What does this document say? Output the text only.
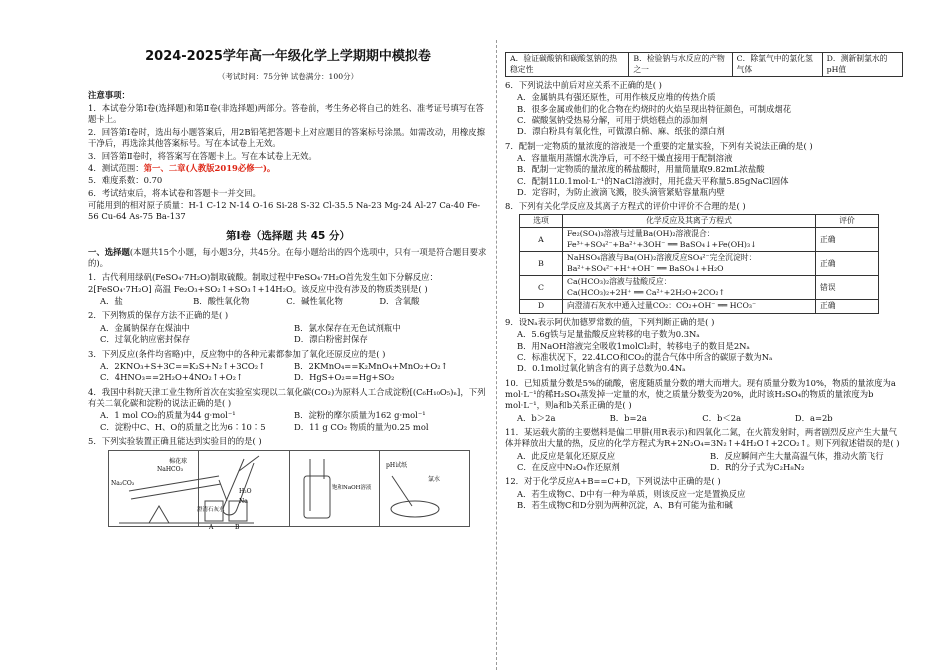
2024-2025学年高一年级化学上学期期中模拟卷
（考试时间：75分钟 试卷满分：100分）
注意事项：

1．本试卷分第Ⅰ卷(选择题)和第Ⅱ卷(非选择题)两部分。答卷前，考生务必将自己的姓名、准考证号填写在答题卡上。

2．回答第Ⅰ卷时，选出每小题答案后，用2B铅笔把答题卡上对应题目的答案标号涂黑。如需改动，用橡皮擦干净后，再选涂其他答案标号。写在本试卷上无效。

3．回答第Ⅱ卷时，将答案写在答题卡上。写在本试卷上无效。

4．测试范围：第一、二章(人教版2019必修一)。

5．难度系数：0.70

6．考试结束后，将本试卷和答题卡一并交回。

可能用到的相对原子质量：H-1 C-12 N-14 O-16 Si-28 S-32 Cl-35.5 Na-23 Mg-24 Al-27 Ca-40 Fe-56 Cu-64 As-75 Ba-137

第Ⅰ卷（选择题 共 45 分）
一、选择题(本题共15个小题，每小题3分，共45分。在每小题给出的四个选项中，只有一项是符合题目要求的)。
1．古代利用绿矾(FeSO₄·7H₂O)制取硫酸。制取过程中FeSO₄·7H₂O首先发生如下分解反应：2[FeSO₄·7H₂O] 高温 Fe₂O₃+SO₂↑+SO₃↑+14H₂O。该反应中没有涉及的物质类别是( )
A．盐	B．酸性氧化物	C．碱性氧化物	D．含氧酸
2．下列物质的保存方法不正确的是( )
A．金属钠保存在煤油中	B．氯水保存在无色试剂瓶中
C．过氧化钠应密封保存	D．漂白粉密封保存
3．下列反应(条件均省略)中，反应物中的各种元素都参加了氧化还原反应的是( )
A．2KNO₃+S+3C==K₂S+N₂↑+3CO₂↑	B．2KMnO₄==K₂MnO₄+MnO₂+O₂↑
C．4HNO₃==2H₂O+4NO₂↑+O₂↑	D．HgS+O₂==Hg+SO₂
4．我国中科院天津工业生物所首次在实验室实现以二氧化碳(CO₂)为原料人工合成淀粉[(C₆H₁₀O₅)ₙ]，下列有关二氧化碳和淀粉的说法正确的是( )
A．1 mol CO₂的质量为44 g·mol⁻¹	B．淀粉的摩尔质量为162 g·mol⁻¹
C．淀粉中C、H、O的质量之比为6∶10∶5	D．11 g CO₂ 物质的量为0.25 mol
5．下列实验装置正确且能达到实验目的的是( )
棉花球
NaHCO₃
Na₂CO₃
澄清石灰水
A	B
H₂O
Na
饱和NaOH溶液
pH试纸
氯水
A．验证碳酸钠和碳酸氢钠的热稳定性	B．检验钠与水反应的产物之一	C．除氯气中的氯化氢气体	D．测新制氯水的pH值
6．下列说法中前后对应关系不正确的是( )
A．金属钠具有强还原性，可用作核反应堆的传热介质
B．很多金属或他们的化合物在灼烧时的火焰呈现出特征颜色，可制成烟花
C．碳酸氢钠受热易分解，可用于烘焙糕点的添加剂
D．漂白粉具有氧化性，可做漂白棉、麻、纸张的漂白剂
7．配制一定物质的量浓度的溶液是一个重要的定量实验，下列有关说法正确的是( )
A．容量瓶用蒸馏水洗净后，可不经干燥直接用于配制溶液
B．配制一定物质的量浓度的稀盐酸时，用量筒量取9.82mL浓盐酸
C．配制1L0.1mol·L⁻¹的NaCl溶液时，用托盘天平称量5.85gNaCl固体
D．定容时，为防止液滴飞溅，胶头滴管紧贴容量瓶内壁
8．下列有关化学反应及其离子方程式的评价中评价不合理的是( )
选项	化学反应及其离子方程式	评价
A	Fe₂(SO₄)₃溶液与过量Ba(OH)₂溶液混合：
Fe³⁺+SO₄²⁻+Ba²⁺+3OH⁻ ══ BaSO₄↓+Fe(OH)₃↓	正确
B	NaHSO₄溶液与Ba(OH)₂溶液反应SO₄²⁻完全沉淀时：
Ba²⁺+SO₄²⁻+H⁺+OH⁻ ══ BaSO₄↓+H₂O	正确
C	Ca(HCO₃)₂溶液与盐酸反应：
Ca(HCO₃)₂+2H⁺ ══ Ca²⁺+2H₂O+2CO₂↑	错误
D	向澄清石灰水中通入过量CO₂：CO₂+OH⁻ ══ HCO₃⁻	正确
9．设Nₐ表示阿伏加德罗常数的值，下列判断正确的是( )
A．5.6g铁与足量盐酸反应转移的电子数为0.3Nₐ
B．用NaOH溶液完全吸收1molCl₂时，转移电子的数目是2Nₐ
C．标准状况下，22.4LCO和CO₂的混合气体中所含的碳原子数为Nₐ
D．0.1mol过氧化钠含有的离子总数为0.4Nₐ
10．已知质量分数是5%的硫酸，密度随质量分数的增大而增大。现有质量分数为10%，物质的量浓度为a mol·L⁻¹的稀H₂SO₄蒸发掉一定量的水，使之质量分数变为20%，此时该H₂SO₄的物质的量浓度为b mol·L⁻¹，则a和b关系正确的是( )
A．b＞2a	B．b=2a	C．b＜2a	D．a=2b
11．某运载火箭的主要燃料是偏二甲肼(用R表示)和四氧化二氮，在火箭发射时，两者剧烈反应产生大量气体并释放出大量的热，反应的化学方程式为R+2N₂O₄=3N₂↑+4H₂O↑+2CO₂↑。则下列叙述错误的是( )
A．此反应是氧化还原反应	B．反应瞬间产生大量高温气体，推动火箭飞行
C．在反应中N₂O₄作还原剂	D．R的分子式为C₂H₈N₂
12．对于化学反应A+B==C+D，下列说法中正确的是( )
A．若生成物C、D中有一种为单质，则该反应一定是置换反应
B．若生成物C和D分别为两种沉淀，A、B有可能为盐和碱
